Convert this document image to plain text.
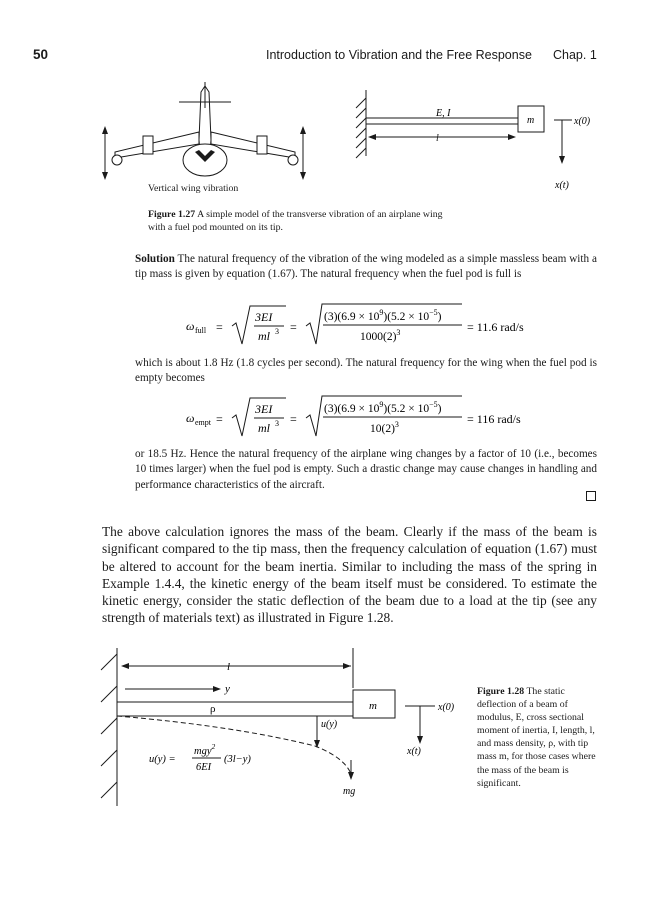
50	Introduction to Vibration and the Free Response Chap. 1
Vertical wing vibration
E, I
l
m	x(0)
x(t)
Figure 1.27 A simple model of the transverse vibration of an airplane wing
with a fuel pod mounted on its tip.
Solution The natural frequency of the vibration of the wing modeled as a simple massless beam with a tip mass is given by equation (1.67). The natural frequency when the fuel pod is full is
ω full =
3EI
ml 3 =
$(3)(6.9 \times 10^9)(5.2 \times 10^{-5})$
$1000(2)^3$	= 11.6 rad/s
which is about 1.8 Hz (1.8 cycles per second). The natural frequency for the wing when the fuel pod is empty becomes
ω empt =
3EI
ml 3 =
$(3)(6.9 \times 10^9)(5.2 \times 10^{-5})$
$10(2)^3$	= 116 rad/s
or 18.5 Hz. Hence the natural frequency of the airplane wing changes by a factor of 10 (i.e., becomes 10 times larger) when the fuel pod is empty. Such a drastic change may cause changes in handling and performance characteristics of the aircraft.
The above calculation ignores the mass of the beam. Clearly if the mass of the beam is significant compared to the tip mass, then the frequency calculation of equation (1.67) must be altered to account for the beam inertia. Similar to including the mass of the spring in Example 1.4.4, the kinetic energy of the beam itself must be considered. To estimate the kinetic energy, consider the static deflection of the beam due to a load at the tip (see any strength of materials text) as illustrated in Figure 1.28.
l
y
ρ	m
u(y)
x(0)
x(t)
mg
u(y) =
mgy$^2$
6EI
(3l−y)
Figure 1.28 The static deflection of a beam of modulus, E, cross sectional moment of inertia, I, length, l, and mass density, ρ, with tip mass m, for those cases where the mass of the beam is significant.
